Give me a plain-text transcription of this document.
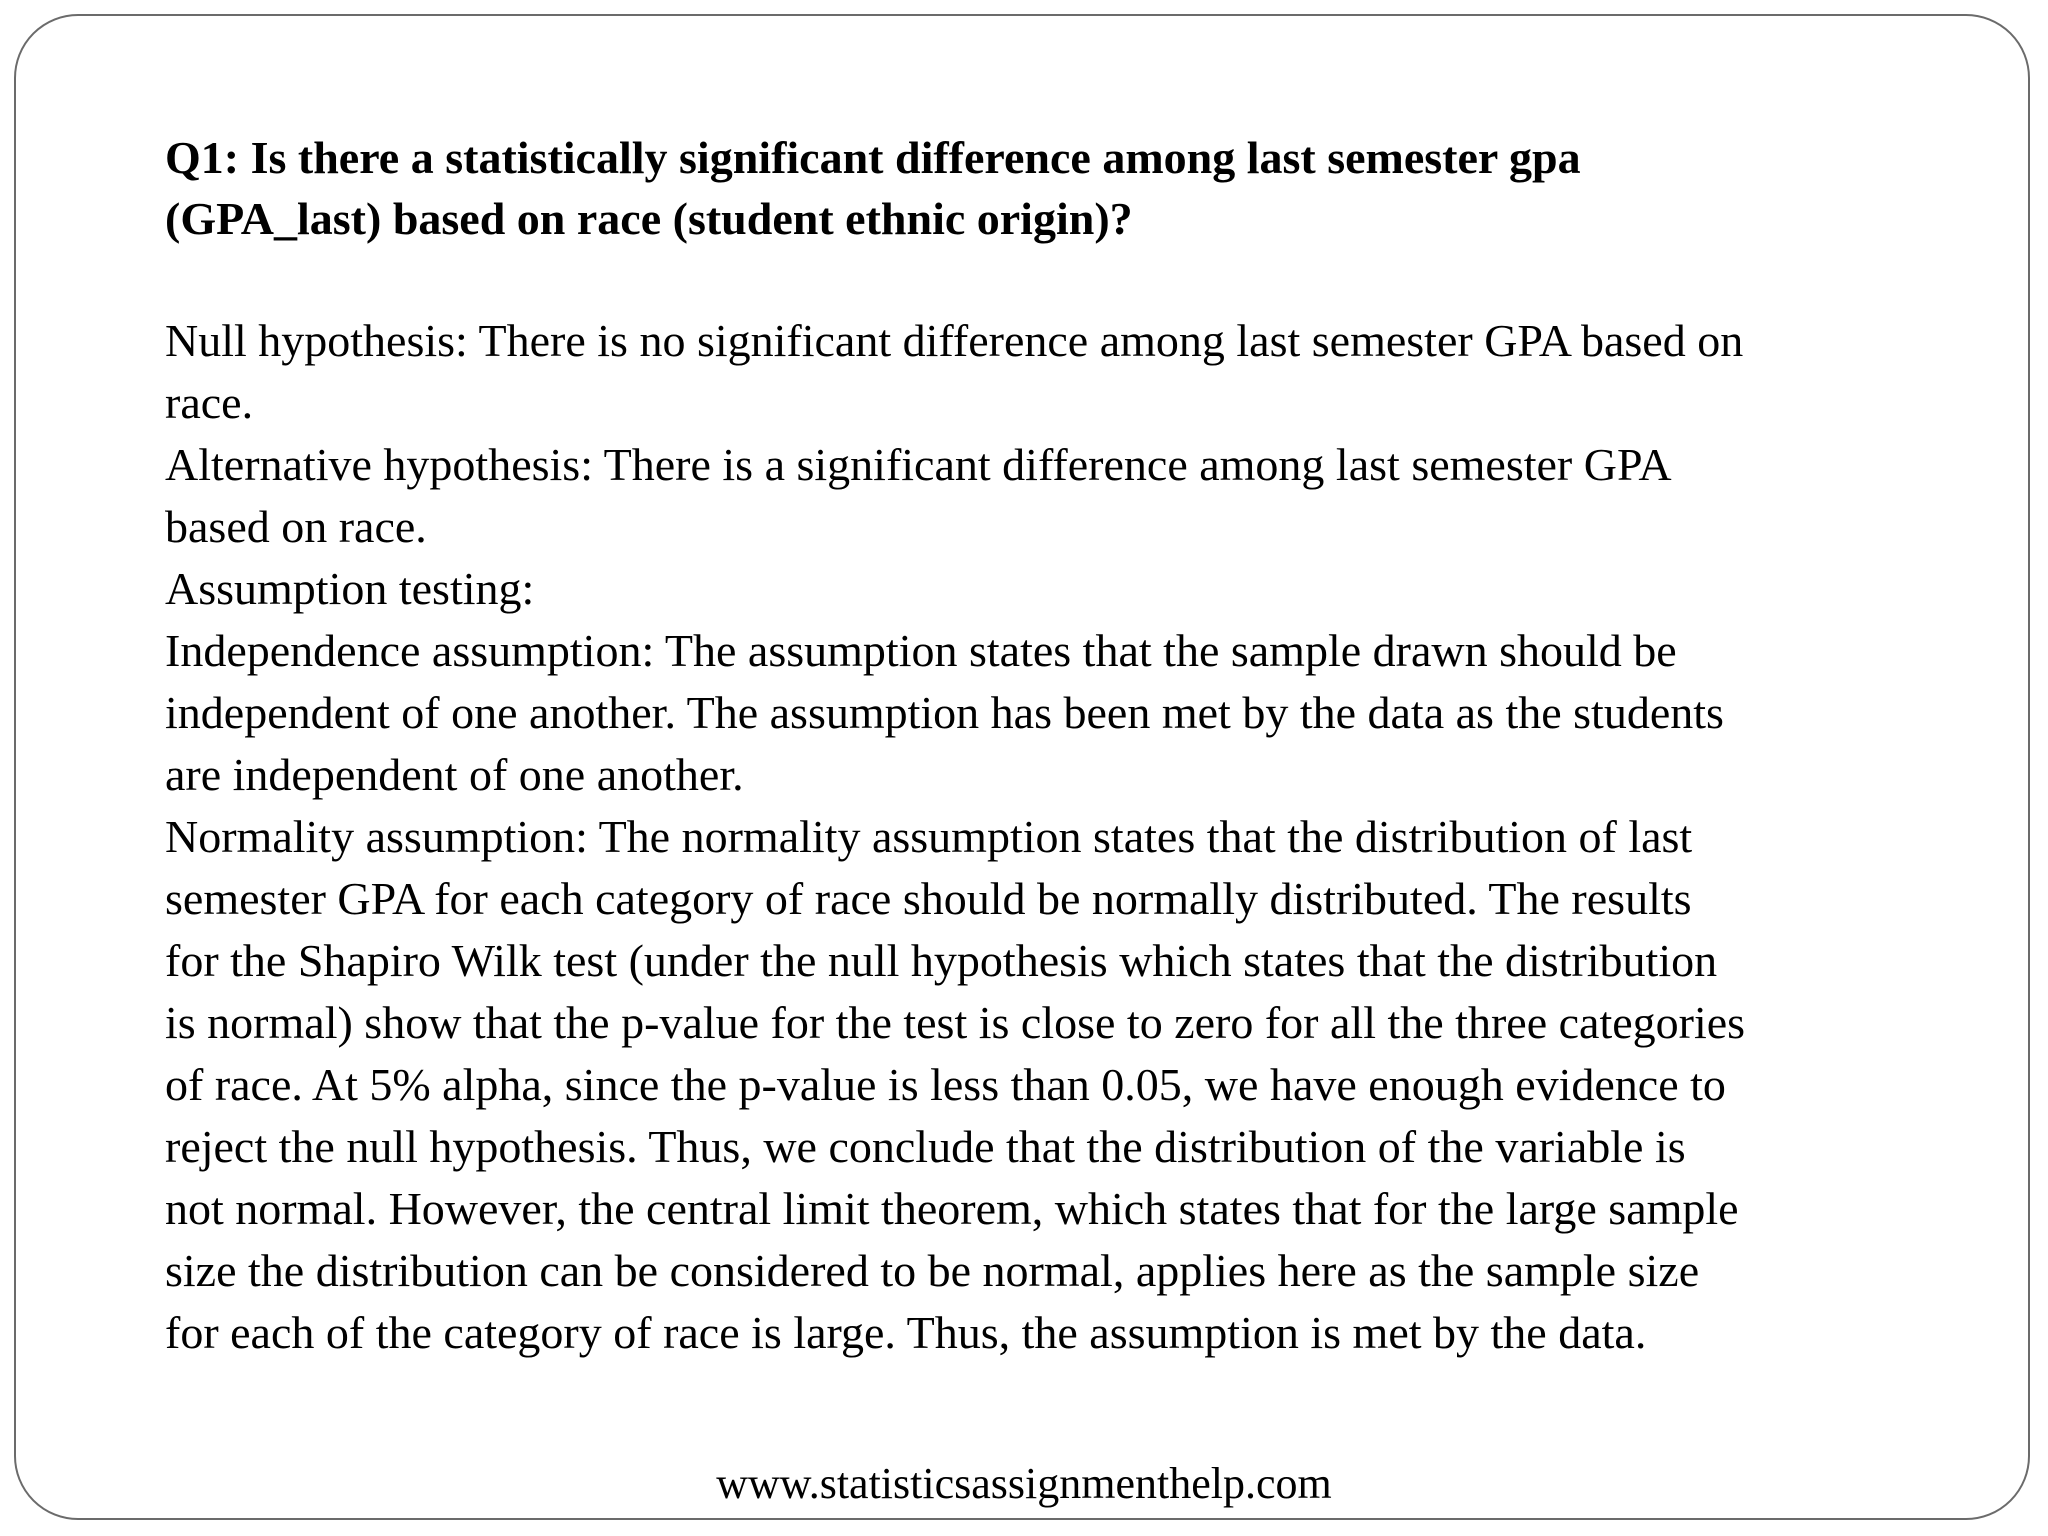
Q1: Is there a statistically significant difference among last semester gpa

(GPA_last) based on race (student ethnic origin)?

Null hypothesis: There is no significant difference among last semester GPA based on

race.

Alternative hypothesis: There is a significant difference among last semester GPA

based on race.

Assumption testing:

Independence assumption: The assumption states that the sample drawn should be

independent of one another. The assumption has been met by the data as the students

are independent of one another.

Normality assumption: The normality assumption states that the distribution of last

semester GPA for each category of race should be normally distributed. The results

for the Shapiro Wilk test (under the null hypothesis which states that the distribution

is normal) show that the p-value for the test is close to zero for all the three categories

of race. At 5% alpha, since the p-value is less than 0.05, we have enough evidence to

reject the null hypothesis. Thus, we conclude that the distribution of the variable is

not normal. However, the central limit theorem, which states that for the large sample

size the distribution can be considered to be normal, applies here as the sample size

for each of the category of race is large. Thus, the assumption is met by the data.

www.statisticsassignmenthelp.com
